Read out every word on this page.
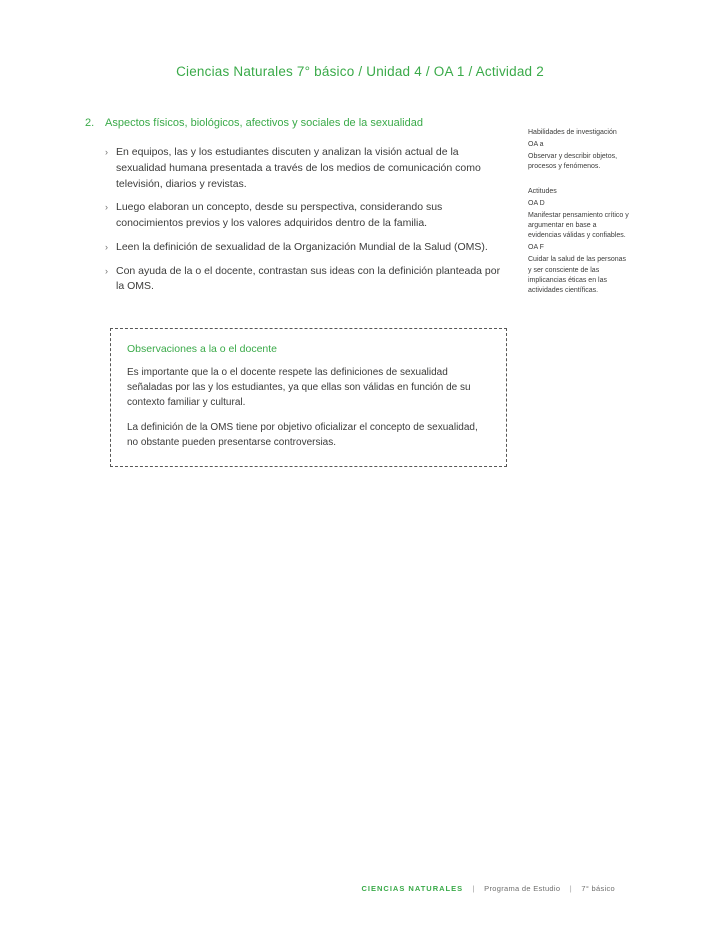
Ciencias Naturales 7° básico / Unidad 4 / OA 1 / Actividad 2
2. Aspectos físicos, biológicos, afectivos y sociales de la sexualidad
› En equipos, las y los estudiantes discuten y analizan la visión actual de la sexualidad humana presentada a través de los medios de comunicación como televisión, diarios y revistas.
› Luego elaboran un concepto, desde su perspectiva, considerando sus conocimientos previos y los valores adquiridos dentro de la familia.
› Leen la definición de sexualidad de la Organización Mundial de la Salud (OMS).
› Con ayuda de la o el docente, contrastan sus ideas con la definición planteada por la OMS.

Habilidades de investigación

OA a

Observar y describir objetos, procesos y fenómenos.

Actitudes

OA D

Manifestar pensamiento crítico y argumentar en base a evidencias válidas y confiables.

OA F

Cuidar la salud de las personas y ser consciente de las implicancias éticas en las actividades científicas.

Observaciones a la o el docente

Es importante que la o el docente respete las definiciones de sexualidad señaladas por las y los estudiantes, ya que ellas son válidas en función de su contexto familiar y cultural.

La definición de la OMS tiene por objetivo oficializar el concepto de sexualidad, no obstante pueden presentarse controversias.

CIENCIAS NATURALES | Programa de Estudio | 7° básico
